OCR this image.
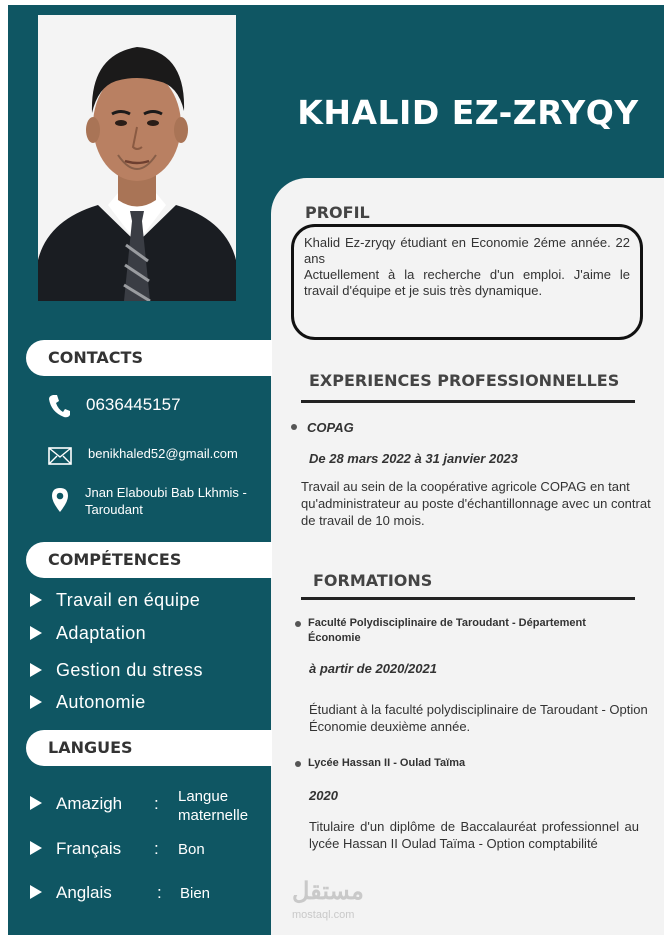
KHALID EZ-ZRYQY
PROFIL

Khalid Ez-zryqy étudiant en Economie 2éme année. 22 ans

Actuellement à la recherche d'un emploi. J'aime le travail d'équipe et je suis très dynamique.

EXPERIENCES PROFESSIONNELLES
COPAG
De 28 mars 2022 à 31 janvier 2023
Travail au sein de la coopérative agricole COPAG en tant qu'administrateur au poste d'échantillonnage avec un contrat de travail de 10 mois.
FORMATIONS
Faculté Polydisciplinaire de Taroudant - Département Économie
à partir de 2020/2021
Étudiant à la faculté polydisciplinaire de Taroudant - Option Économie deuxième année.
Lycée Hassan II - Oulad Taïma
2020
Titulaire d'un diplôme de Baccalauréat professionnel au lycée Hassan II Oulad Taïma - Option comptabilité
CONTACTS
0636445157
benikhaled52@gmail.com
Jnan Elaboubi Bab Lkhmis - Taroudant
COMPÉTENCES
Travail en équipe
Adaptation
Gestion du stress
Autonomie
LANGUES
Amazigh : Langue maternelle
Français : Bon
Anglais	: Bien	مستقل
mostaql.com
